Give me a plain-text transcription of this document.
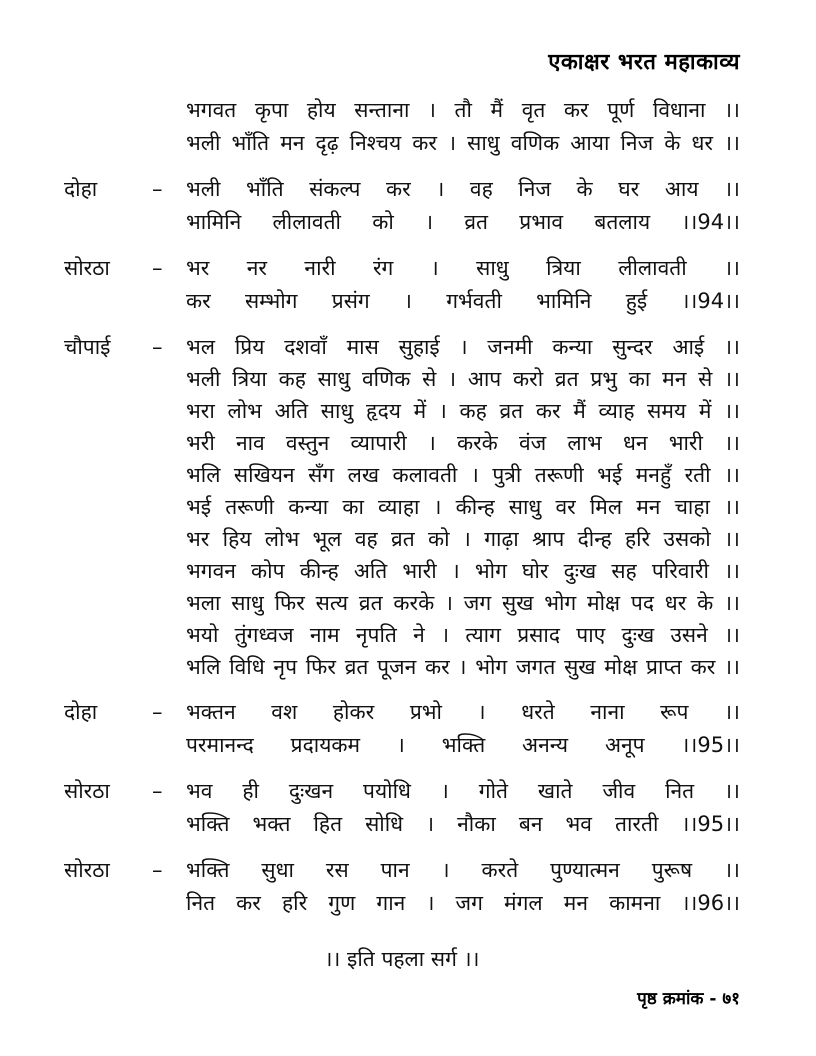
एकाक्षर भरत महाकाव्य
भगवत कृपा होय सन्ताना । तौ मैं वृत कर पूर्ण विधाना ।।
भली भाँति मन दृढ़ निश्चय कर । साधु वणिक आया निज के धर ।।
दोहा	–	भली भाँति संकल्प कर । वह निज के घर आय ।।
भामिनि लीलावती को । व्रत प्रभाव बतलाय ।।94।।
सोरठा	–	भर नर नारी रंग । साधु त्रिया लीलावती ।।
कर सम्भोग प्रसंग । गर्भवती भामिनि हुई ।।94।।
चौपाई	–	भल प्रिय दशवाँ मास सुहाई । जनमी कन्या सुन्दर आई ।।
भली त्रिया कह साधु वणिक से । आप करो व्रत प्रभु का मन से ।।
भरा लोभ अति साधु हृदय में । कह व्रत कर मैं व्याह समय में ।।
भरी नाव वस्तुन व्यापारी । करके वंज लाभ धन भारी ।।
भलि सखियन सँग लख कलावती । पुत्री तरूणी भई मनहुँ रती ।।
भई तरूणी कन्या का व्याहा । कीन्ह साधु वर मिल मन चाहा ।।
भर हिय लोभ भूल वह व्रत को । गाढ़ा श्राप दीन्ह हरि उसको ।।
भगवन कोप कीन्ह अति भारी । भोग घोर दुःख सह परिवारी ।।
भला साधु फिर सत्य व्रत करके । जग सुख भोग मोक्ष पद धर के ।।
भयो तुंगध्वज नाम नृपति ने । त्याग प्रसाद पाए दुःख उसने ।।
भलि विधि नृप फिर व्रत पूजन कर । भोग जगत सुख मोक्ष प्राप्त कर ।।
दोहा	–	भक्तन वश होकर प्रभो । धरते नाना रूप ।।
परमानन्द प्रदायकम । भक्ति अनन्य अनूप ।।95।।
सोरठा	–	भव ही दुःखन पयोधि । गोते खाते जीव नित ।।
भक्ति भक्त हित सोधि । नौका बन भव तारती ।।95।।
सोरठा	–	भक्ति सुधा रस पान । करते पुण्यात्मन पुरूष ।।
नित कर हरि गुण गान । जग मंगल मन कामना ।।96।।
।। इति पहला सर्ग ।।
पृष्ठ क्रमांक - ७१
